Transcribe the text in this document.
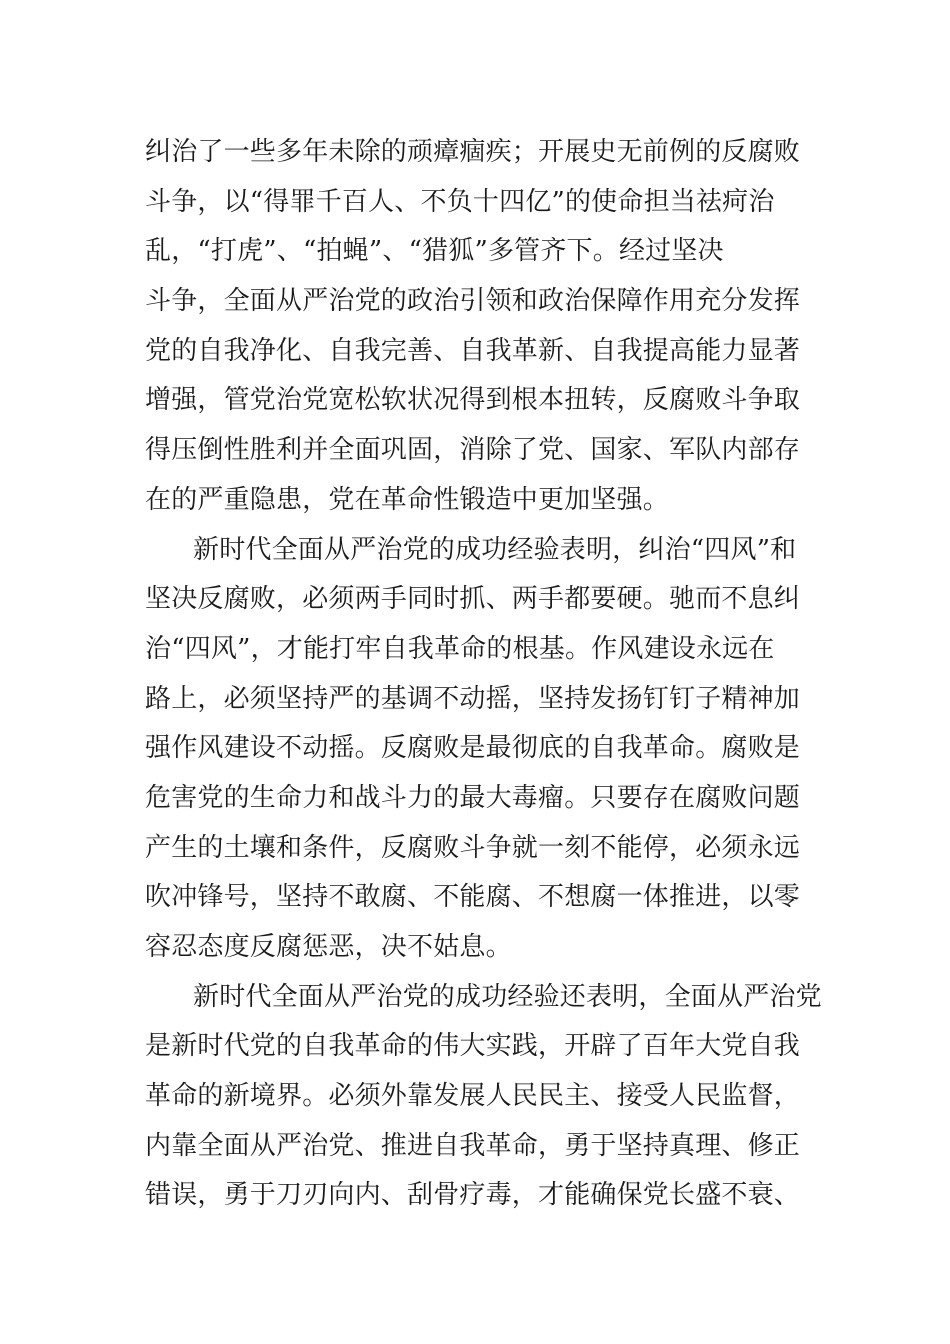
纠治了一些多年未除的顽瘴痼疾；开展史无前例的反腐败
斗争，以“得罪千百人、不负十四亿”的使命担当祛疴治
乱，“打虎”、“拍蝇”、“猎狐”多管齐下。经过坚决
斗争，全面从严治党的政治引领和政治保障作用充分发挥
党的自我净化、自我完善、自我革新、自我提高能力显著
增强，管党治党宽松软状况得到根本扭转，反腐败斗争取
得压倒性胜利并全面巩固，消除了党、国家、军队内部存
在的严重隐患，党在革命性锻造中更加坚强。
新时代全面从严治党的成功经验表明，纠治“四风”和
坚决反腐败，必须两手同时抓、两手都要硬。驰而不息纠
治“四风”，才能打牢自我革命的根基。作风建设永远在
路上，必须坚持严的基调不动摇，坚持发扬钉钉子精神加
强作风建设不动摇。反腐败是最彻底的自我革命。腐败是
危害党的生命力和战斗力的最大毒瘤。只要存在腐败问题
产生的土壤和条件，反腐败斗争就一刻不能停，必须永远
吹冲锋号，坚持不敢腐、不能腐、不想腐一体推进，以零
容忍态度反腐惩恶，决不姑息。
新时代全面从严治党的成功经验还表明，全面从严治党
是新时代党的自我革命的伟大实践，开辟了百年大党自我
革命的新境界。必须外靠发展人民民主、接受人民监督，
内靠全面从严治党、推进自我革命，勇于坚持真理、修正
错误，勇于刀刃向内、刮骨疗毒，才能确保党长盛不衰、
